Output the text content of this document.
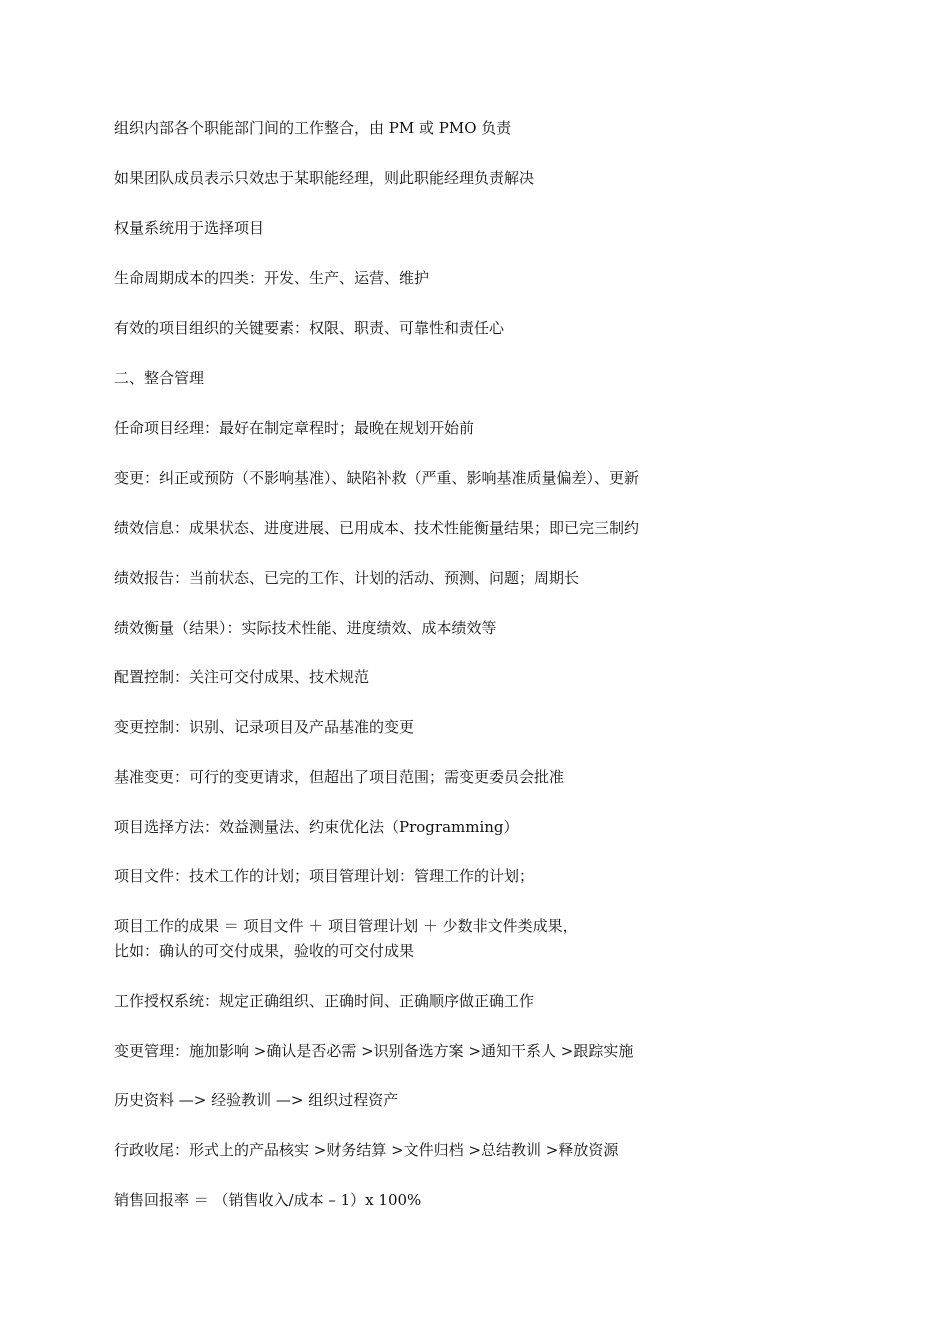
组织内部各个职能部门间的工作整合，由 PM 或 PMO 负责
如果团队成员表示只效忠于某职能经理，则此职能经理负责解决
权量系统用于选择项目
生命周期成本的四类：开发、生产、运营、维护
有效的项目组织的关键要素：权限、职责、可靠性和责任心
二、整合管理
任命项目经理：最好在制定章程时；最晚在规划开始前
变更：纠正或预防（不影响基准）、缺陷补救（严重、影响基准质量偏差）、更新
绩效信息：成果状态、进度进展、已用成本、技术性能衡量结果；即已完三制约
绩效报告：当前状态、已完的工作、计划的活动、预测、问题；周期长
绩效衡量（结果）：实际技术性能、进度绩效、成本绩效等
配置控制：关注可交付成果、技术规范
变更控制：识别、记录项目及产品基准的变更
基准变更：可行的变更请求，但超出了项目范围；需变更委员会批准
项目选择方法：效益测量法、约束优化法（Programming）
项目文件：技术工作的计划；项目管理计划：管理工作的计划；
项目工作的成果 ＝ 项目文件 ＋ 项目管理计划 ＋ 少数非文件类成果，
比如：确认的可交付成果，验收的可交付成果
工作授权系统：规定正确组织、正确时间、正确顺序做正确工作
变更管理：施加影响 >确认是否必需 >识别备选方案 >通知干系人 >跟踪实施
历史资料 —> 经验教训 —> 组织过程资产
行政收尾：形式上的产品核实 >财务结算 >文件归档 >总结教训 >释放资源
销售回报率 ＝ （销售收入/成本 – 1）x 100%
